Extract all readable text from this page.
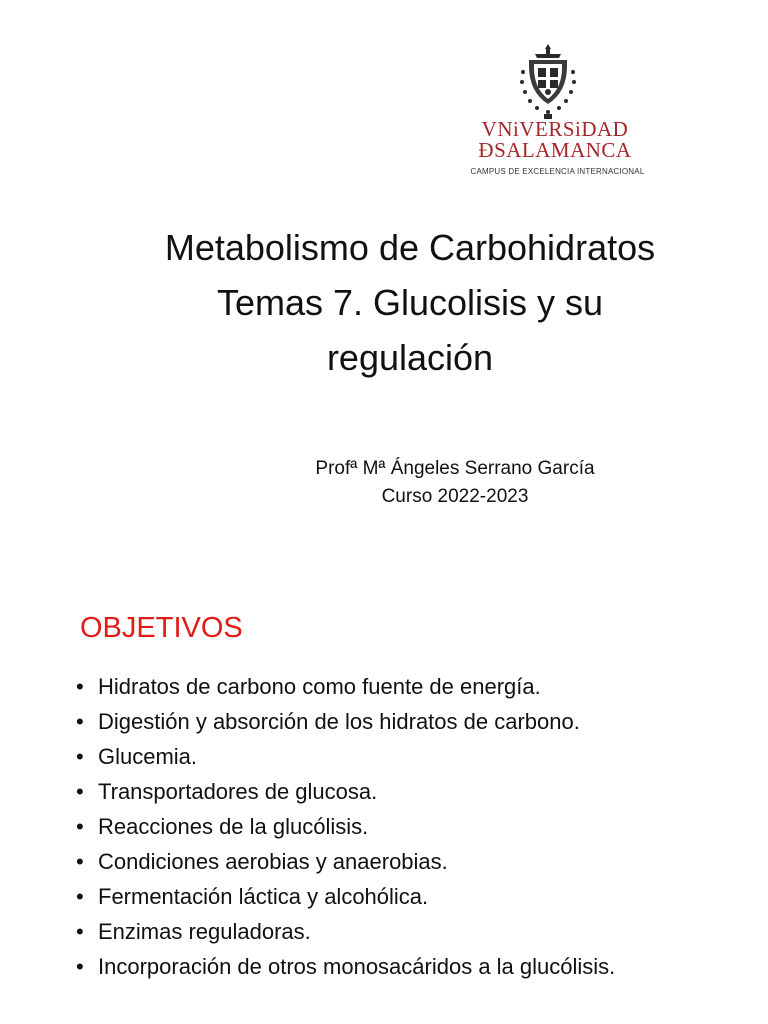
VNiVERSiDAD
ÐSALAMANCA
CAMPUS DE EXCELENCIA INTERNACIONAL
Metabolismo de Carbohidratos
Temas 7. Glucolisis y su
regulación
Profª Mª Ángeles Serrano García
Curso 2022-2023
OBJETIVOS
• Hidratos de carbono como fuente de energía.
• Digestión y absorción de los hidratos de carbono.
• Glucemia.
• Transportadores de glucosa.
• Reacciones de la glucólisis.
• Condiciones aerobias y anaerobias.
• Fermentación láctica y alcohólica.
• Enzimas reguladoras.
• Incorporación de otros monosacáridos a la glucólisis.
